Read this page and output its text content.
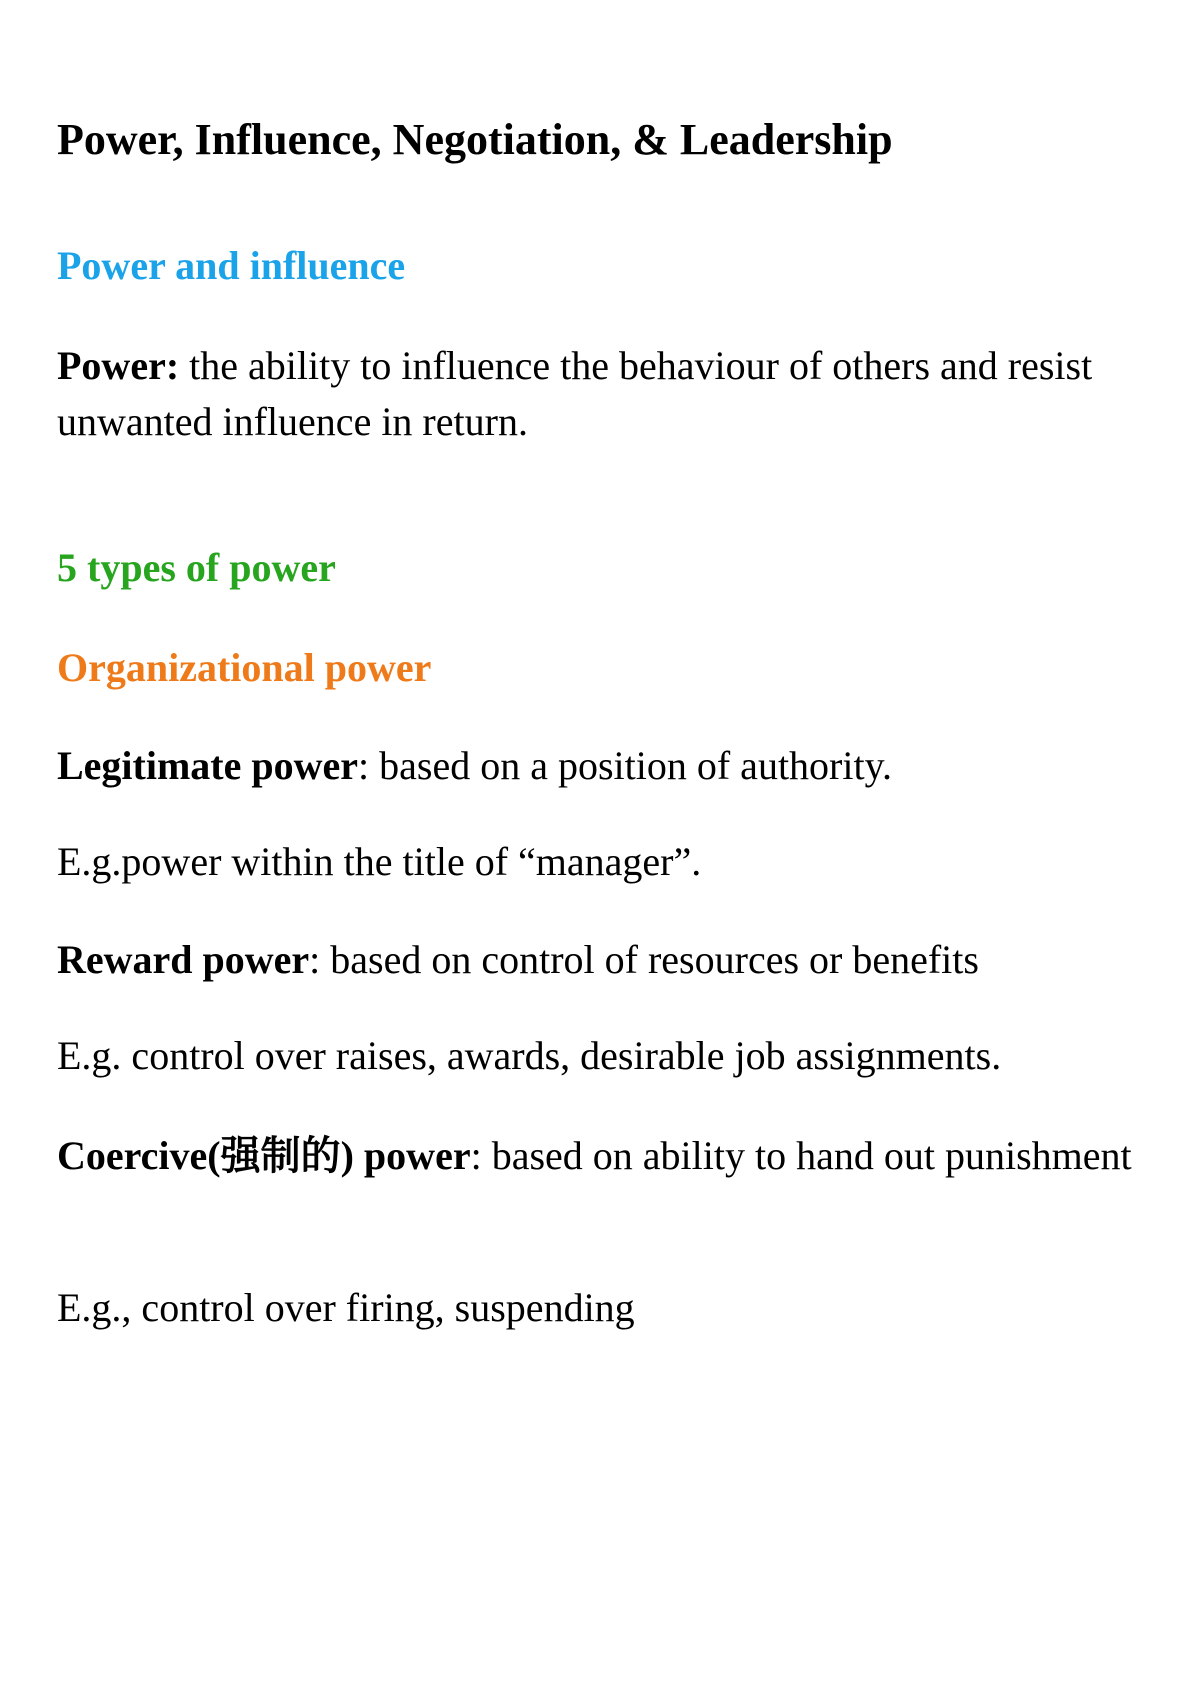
Power, Influence, Negotiation, & Leadership
Power and influence

Power: the ability to influence the behaviour of others and resist unwanted influence in return.

5 types of power
Organizational power

Legitimate power: based on a position of authority.

E.g.power within the title of “manager”.

Reward power: based on control of resources or benefits

E.g. control over raises, awards, desirable job assignments.

Coercive(强制的) power: based on ability to hand out punishment

E.g., control over firing, suspending
